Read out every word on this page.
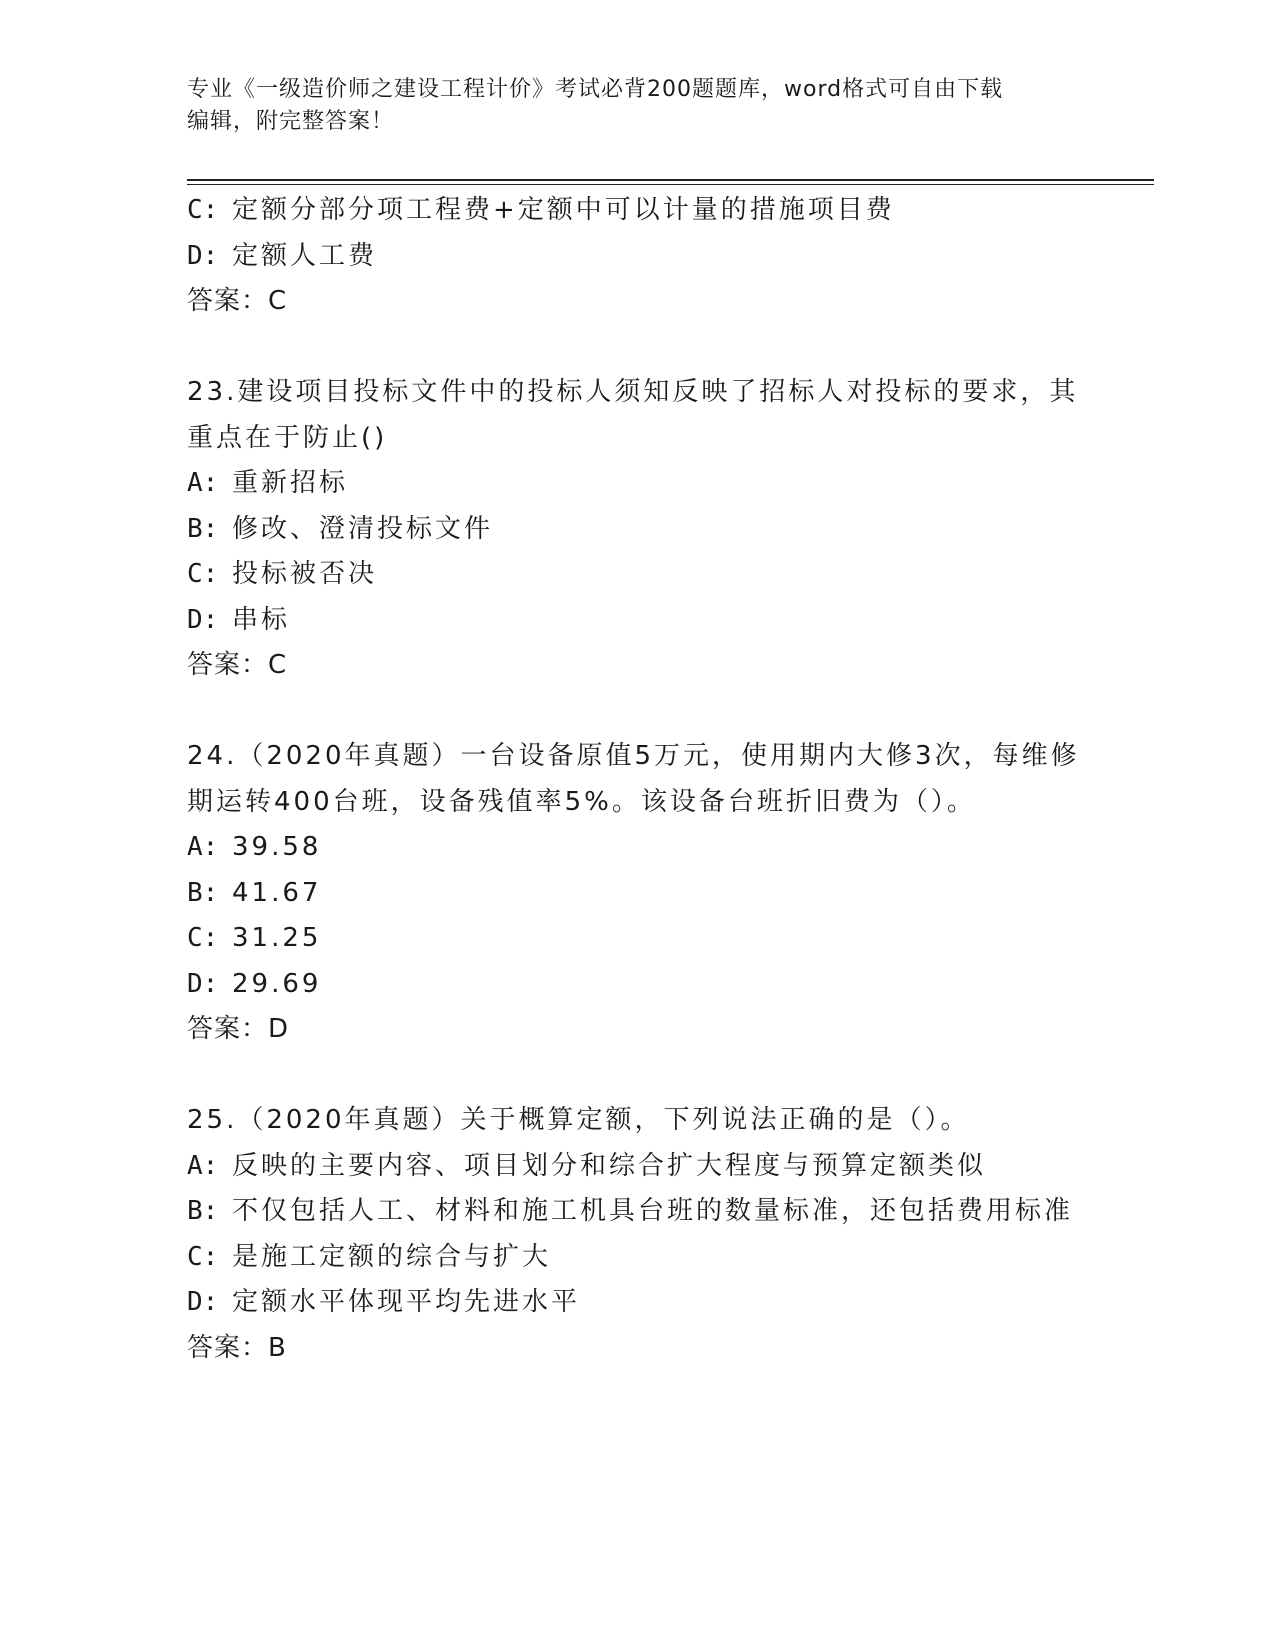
专业《一级造价师之建设工程计价》考试必背200题题库，word格式可自由下载
编辑，附完整答案！
C: 定额分部分项工程费+定额中可以计量的措施项目费
D: 定额人工费
答案：C
23.建设项目投标文件中的投标人须知反映了招标人对投标的要求，其
重点在于防止()
A: 重新招标
B: 修改、澄清投标文件
C: 投标被否决
D: 串标
答案：C
24.（2020年真题）一台设备原值5万元，使用期内大修3次，每维修
期运转400台班，设备残值率5%。该设备台班折旧费为（）。
A: 39.58
B: 41.67
C: 31.25
D: 29.69
答案：D
25.（2020年真题）关于概算定额，下列说法正确的是（）。
A: 反映的主要内容、项目划分和综合扩大程度与预算定额类似
B: 不仅包括人工、材料和施工机具台班的数量标准，还包括费用标准
C: 是施工定额的综合与扩大
D: 定额水平体现平均先进水平
答案：B
